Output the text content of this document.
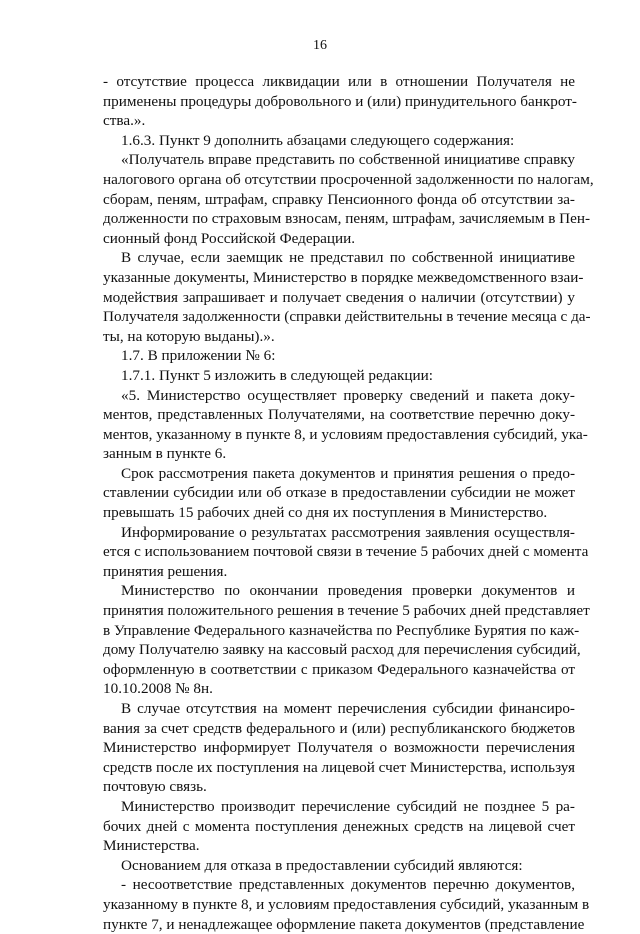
16

- отсутствие процесса ликвидации или в отношении Получателя не
применены процедуры добровольного и (или) принудительного банкрот-
ства.».

1.6.3. Пункт 9 дополнить абзацами следующего содержания:

«Получатель вправе представить по собственной инициативе справку
налогового органа об отсутствии просроченной задолженности по налогам,
сборам, пеням, штрафам, справку Пенсионного фонда об отсутствии за-
долженности по страховым взносам, пеням, штрафам, зачисляемым в Пен-
сионный фонд Российской Федерации.

В случае, если заемщик не представил по собственной инициативе
указанные документы, Министерство в порядке межведомственного взаи-
модействия запрашивает и получает сведения о наличии (отсутствии) у
Получателя задолженности (справки действительны в течение месяца с да-
ты, на которую выданы).».

1.7. В приложении № 6:

1.7.1. Пункт 5 изложить в следующей редакции:

«5. Министерство осуществляет проверку сведений и пакета доку-
ментов, представленных Получателями, на соответствие перечню доку-
ментов, указанному в пункте 8, и условиям предоставления субсидий, ука-
занным в пункте 6.

Срок рассмотрения пакета документов и принятия решения о предо-
ставлении субсидии или об отказе в предоставлении субсидии не может
превышать 15 рабочих дней со дня их поступления в Министерство.

Информирование о результатах рассмотрения заявления осуществля-
ется с использованием почтовой связи в течение 5 рабочих дней с момента
принятия решения.

Министерство по окончании проведения проверки документов и
принятия положительного решения в течение 5 рабочих дней представляет
в Управление Федерального казначейства по Республике Бурятия по каж-
дому Получателю заявку на кассовый расход для перечисления субсидий,
оформленную в соответствии с приказом Федерального казначейства от
10.10.2008 № 8н.

В случае отсутствия на момент перечисления субсидии финансиро-
вания за счет средств федерального и (или) республиканского бюджетов
Министерство информирует Получателя о возможности перечисления
средств после их поступления на лицевой счет Министерства, используя
почтовую связь.

Министерство производит перечисление субсидий не позднее 5 ра-
бочих дней с момента поступления денежных средств на лицевой счет
Министерства.

Основанием для отказа в предоставлении субсидий являются:

- несоответствие представленных документов перечню документов,
указанному в пункте 8, и условиям предоставления субсидий, указанным в
пункте 7, и ненадлежащее оформление пакета документов (представление
